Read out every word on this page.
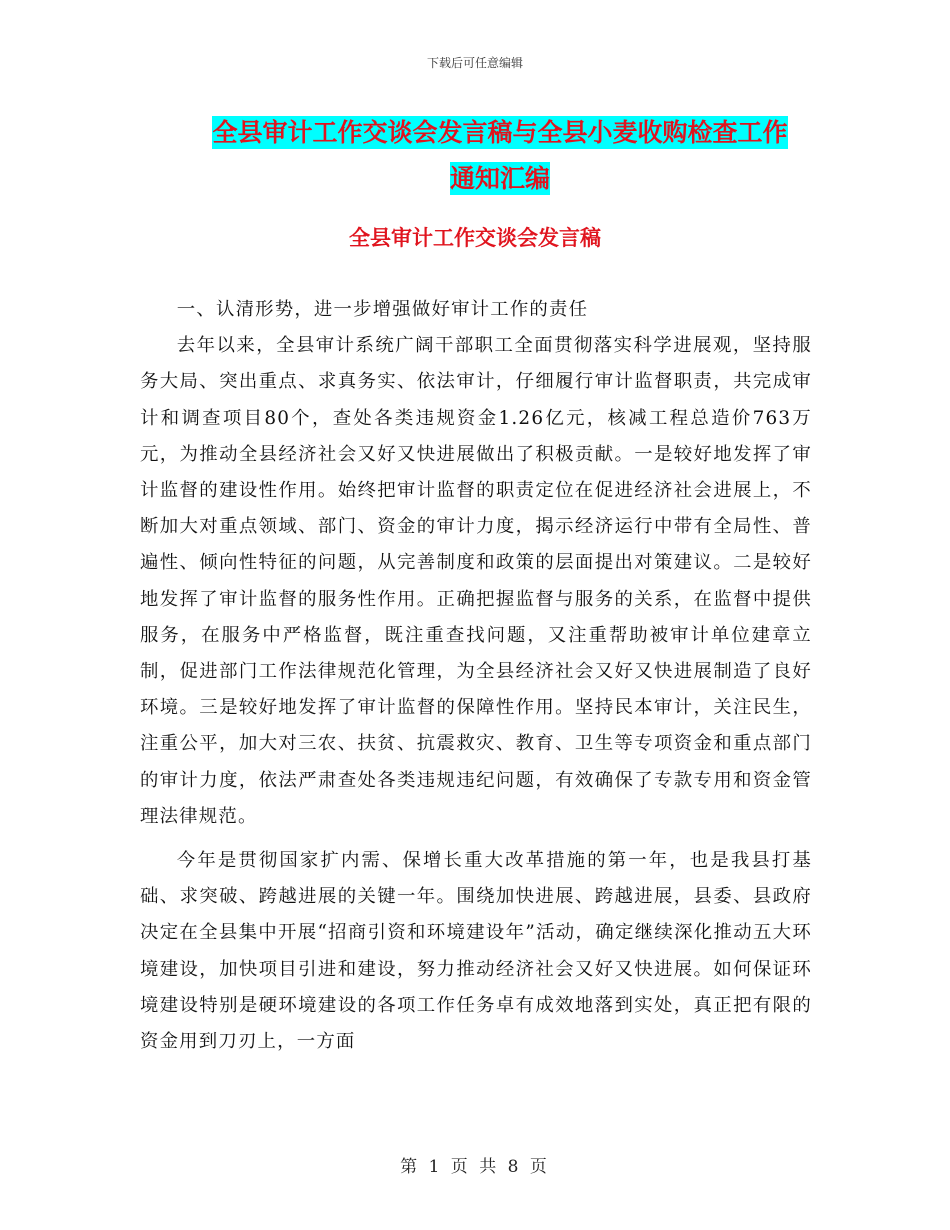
下载后可任意编辑
全县审计工作交谈会发言稿与全县小麦收购检查工作
通知汇编
全县审计工作交谈会发言稿

一、认清形势，进一步增强做好审计工作的责任

去年以来，全县审计系统广阔干部职工全面贯彻落实科学进展观，坚持服务大局、突出重点、求真务实、依法审计，仔细履行审计监督职责，共完成审计和调查项目80个，查处各类违规资金1.26亿元，核减工程总造价763万元，为推动全县经济社会又好又快进展做出了积极贡献。一是较好地发挥了审计监督的建设性作用。始终把审计监督的职责定位在促进经济社会进展上，不断加大对重点领域、部门、资金的审计力度，揭示经济运行中带有全局性、普遍性、倾向性特征的问题，从完善制度和政策的层面提出对策建议。二是较好地发挥了审计监督的服务性作用。正确把握监督与服务的关系，在监督中提供服务，在服务中严格监督，既注重查找问题，又注重帮助被审计单位建章立制，促进部门工作法律规范化管理，为全县经济社会又好又快进展制造了良好环境。三是较好地发挥了审计监督的保障性作用。坚持民本审计，关注民生，注重公平，加大对三农、扶贫、抗震救灾、教育、卫生等专项资金和重点部门的审计力度，依法严肃查处各类违规违纪问题，有效确保了专款专用和资金管理法律规范。

今年是贯彻国家扩内需、保增长重大改革措施的第一年，也是我县打基础、求突破、跨越进展的关键一年。围绕加快进展、跨越进展，县委、县政府决定在全县集中开展“招商引资和环境建设年”活动，确定继续深化推动五大环境建设，加快项目引进和建设，努力推动经济社会又好又快进展。如何保证环境建设特别是硬环境建设的各项工作任务卓有成效地落到实处，真正把有限的资金用到刀刃上，一方面

第 1 页 共 8 页
